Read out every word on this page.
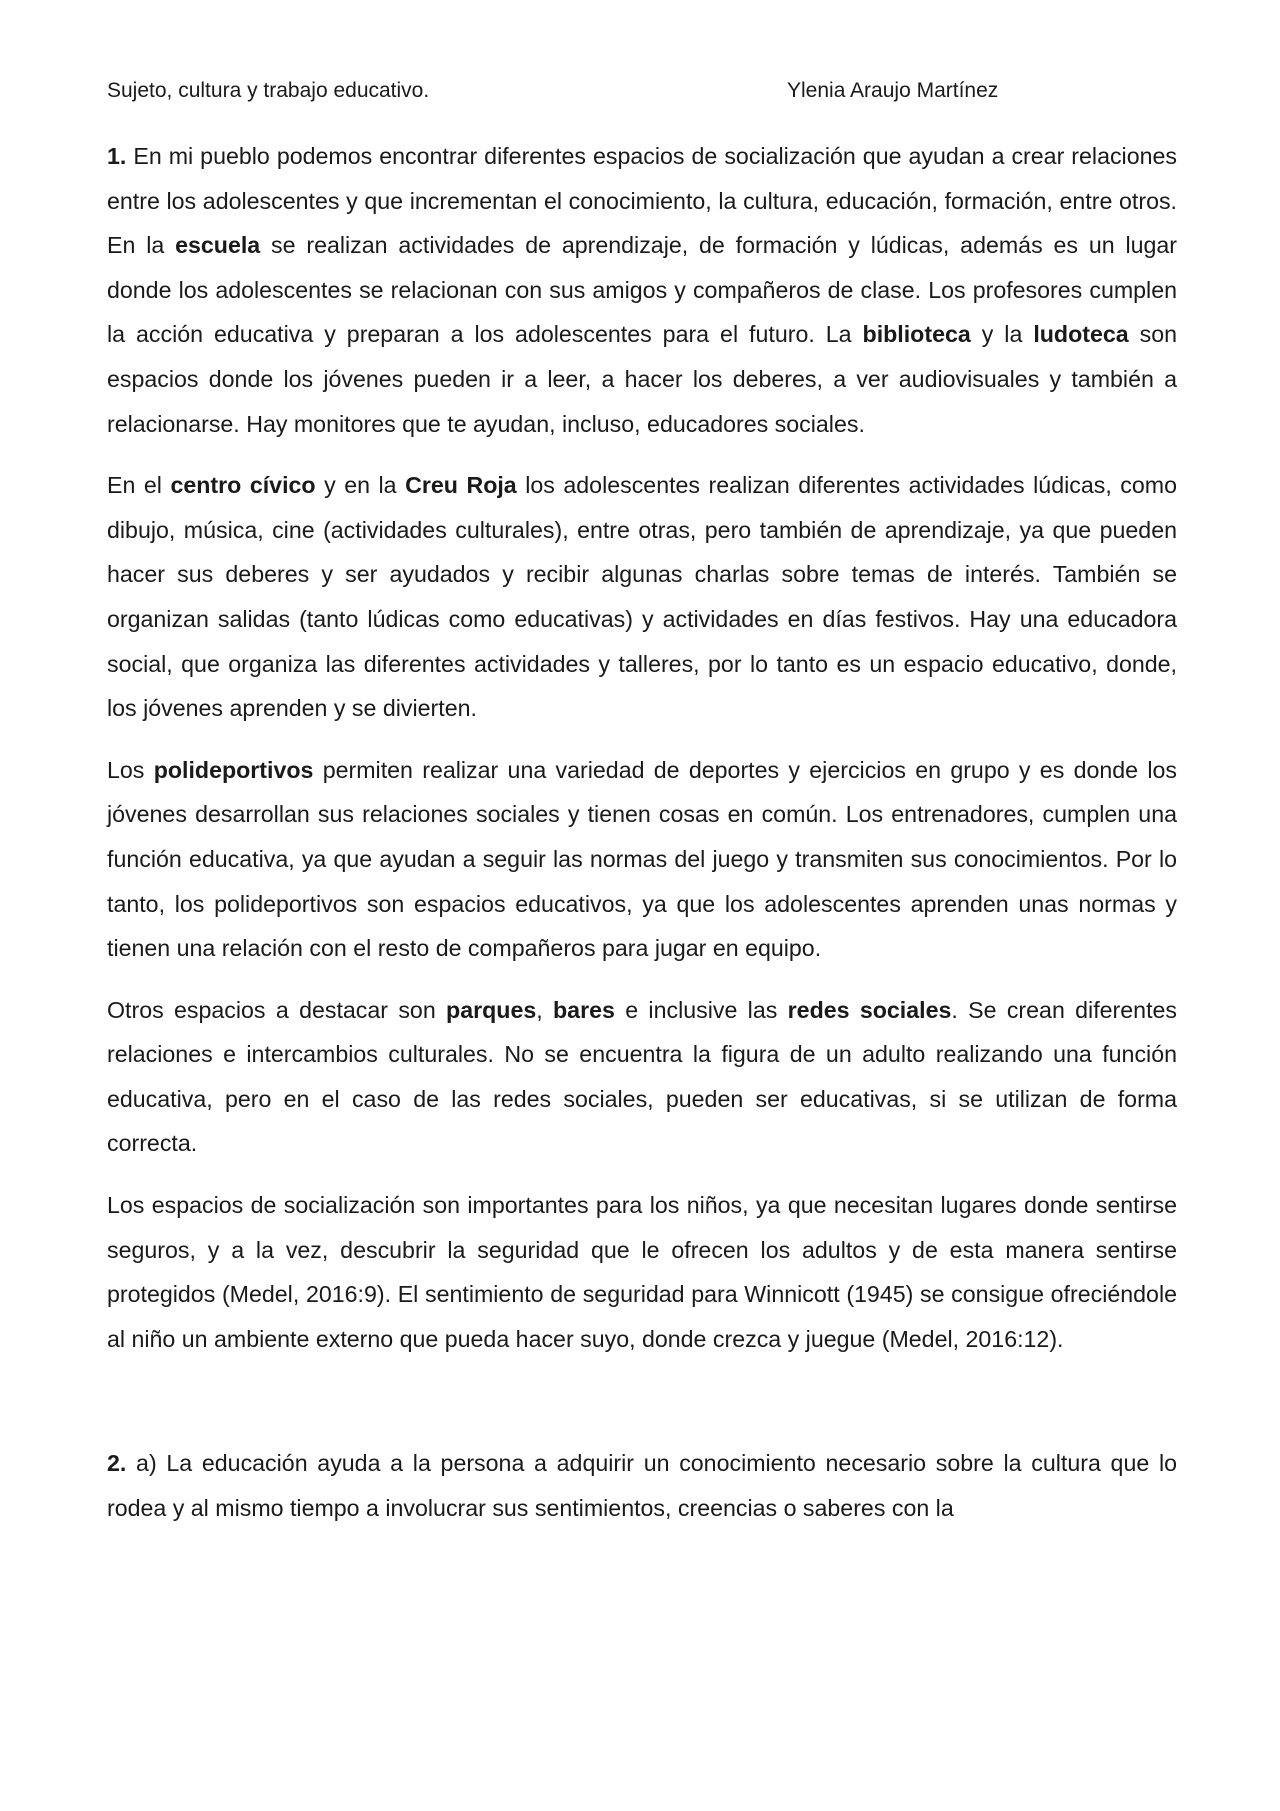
Sujeto, cultura y trabajo educativo.	Ylenia Araujo Martínez

1. En mi pueblo podemos encontrar diferentes espacios de socialización que ayudan a crear relaciones entre los adolescentes y que incrementan el conocimiento, la cultura, educación, formación, entre otros. En la escuela se realizan actividades de aprendizaje, de formación y lúdicas, además es un lugar donde los adolescentes se relacionan con sus amigos y compañeros de clase. Los profesores cumplen la acción educativa y preparan a los adolescentes para el futuro. La biblioteca y la ludoteca son espacios donde los jóvenes pueden ir a leer, a hacer los deberes, a ver audiovisuales y también a relacionarse. Hay monitores que te ayudan, incluso, educadores sociales.

En el centro cívico y en la Creu Roja los adolescentes realizan diferentes actividades lúdicas, como dibujo, música, cine (actividades culturales), entre otras, pero también de aprendizaje, ya que pueden hacer sus deberes y ser ayudados y recibir algunas charlas sobre temas de interés. También se organizan salidas (tanto lúdicas como educativas) y actividades en días festivos. Hay una educadora social, que organiza las diferentes actividades y talleres, por lo tanto es un espacio educativo, donde, los jóvenes aprenden y se divierten.

Los polideportivos permiten realizar una variedad de deportes y ejercicios en grupo y es donde los jóvenes desarrollan sus relaciones sociales y tienen cosas en común. Los entrenadores, cumplen una función educativa, ya que ayudan a seguir las normas del juego y transmiten sus conocimientos. Por lo tanto, los polideportivos son espacios educativos, ya que los adolescentes aprenden unas normas y tienen una relación con el resto de compañeros para jugar en equipo.

Otros espacios a destacar son parques, bares e inclusive las redes sociales. Se crean diferentes relaciones e intercambios culturales. No se encuentra la figura de un adulto realizando una función educativa, pero en el caso de las redes sociales, pueden ser educativas, si se utilizan de forma correcta.

Los espacios de socialización son importantes para los niños, ya que necesitan lugares donde sentirse seguros, y a la vez, descubrir la seguridad que le ofrecen los adultos y de esta manera sentirse protegidos (Medel, 2016:9). El sentimiento de seguridad para Winnicott (1945) se consigue ofreciéndole al niño un ambiente externo que pueda hacer suyo, donde crezca y juegue (Medel, 2016:12).

2. a) La educación ayuda a la persona a adquirir un conocimiento necesario sobre la cultura que lo rodea y al mismo tiempo a involucrar sus sentimientos, creencias o saberes con la
